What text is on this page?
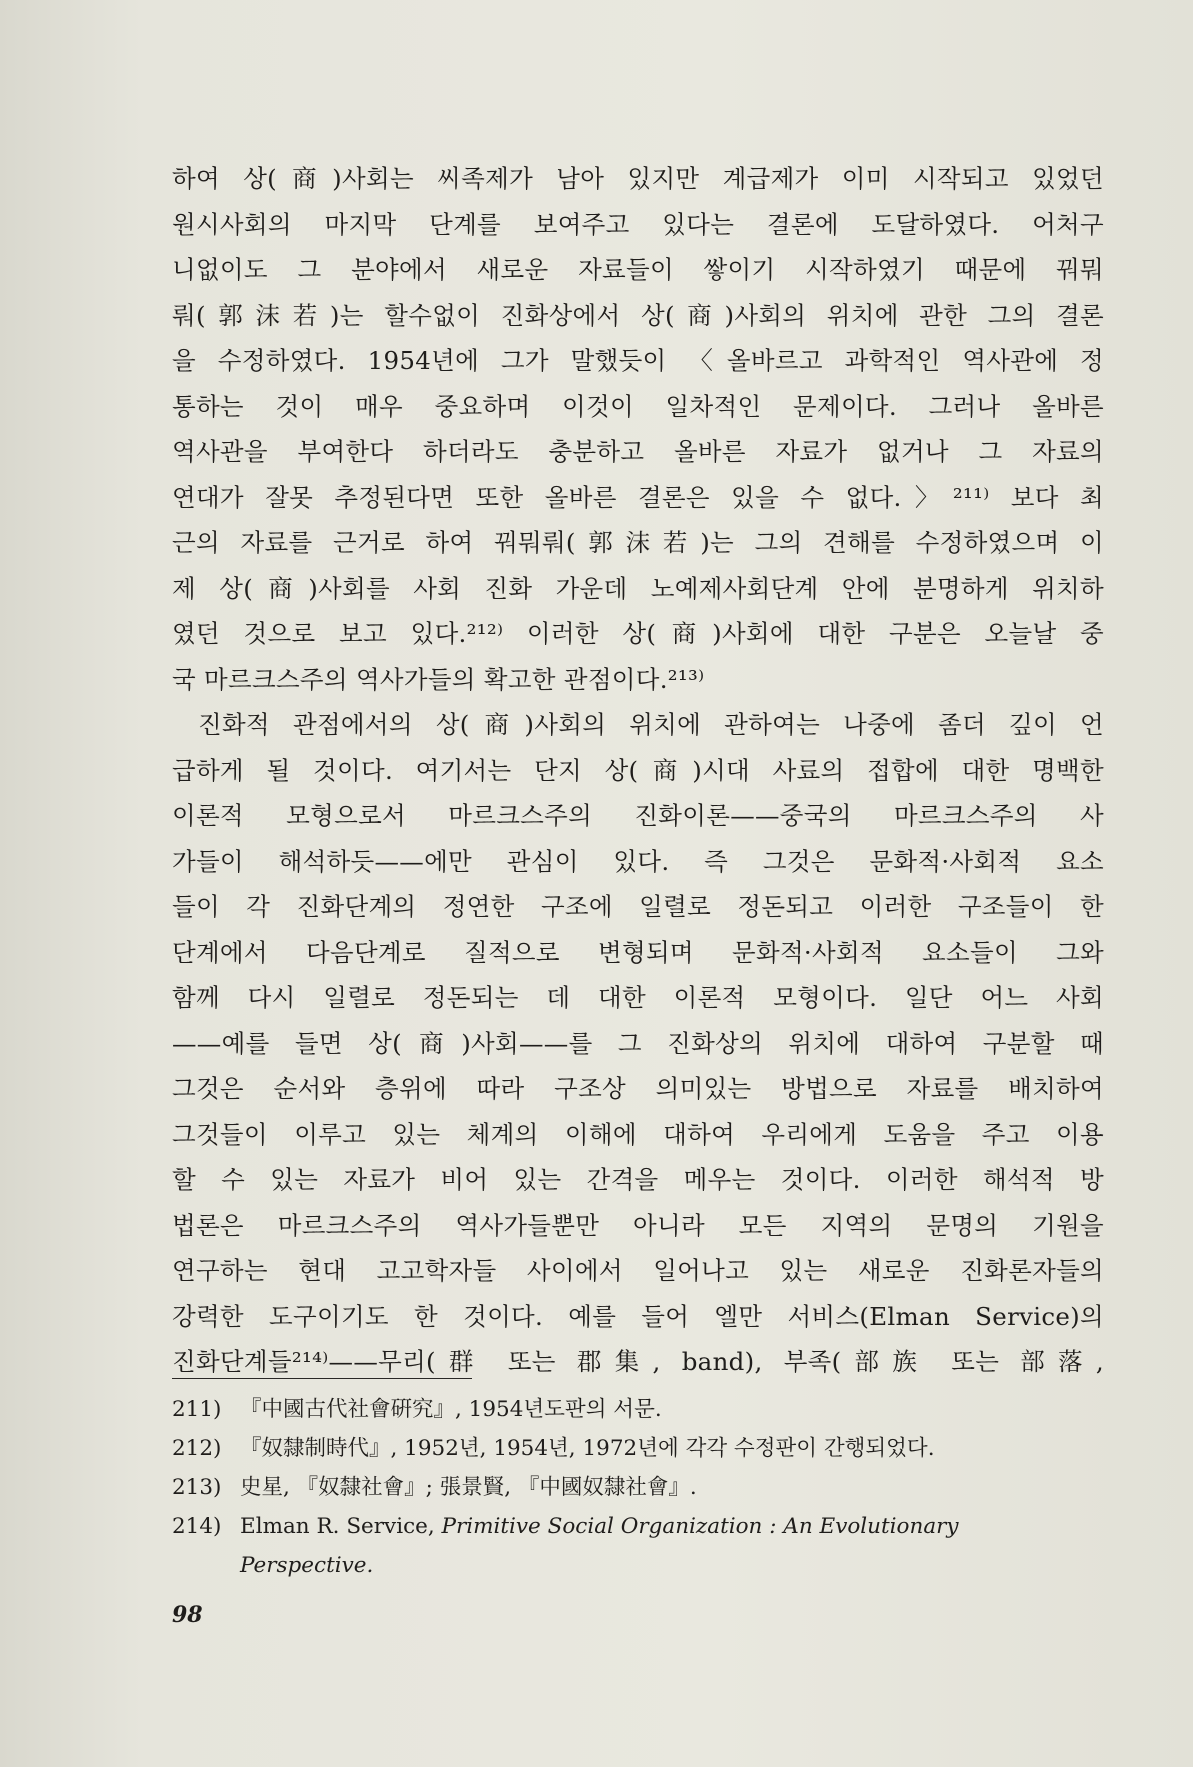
하여 상(商)사회는 씨족제가 남아 있지만 계급제가 이미 시작되고 있었던
원시사회의 마지막 단계를 보여주고 있다는 결론에 도달하였다. 어처구
니없이도 그 분야에서 새로운 자료들이 쌓이기 시작하였기 때문에 꿔뭐
뤄(郭沫若)는 할수없이 진화상에서 상(商)사회의 위치에 관한 그의 결론
을 수정하였다. 1954년에 그가 말했듯이 〈올바르고 과학적인 역사관에 정
통하는 것이 매우 중요하며 이것이 일차적인 문제이다. 그러나 올바른
역사관을 부여한다 하더라도 충분하고 올바른 자료가 없거나 그 자료의
연대가 잘못 추정된다면 또한 올바른 결론은 있을 수 없다.〉²¹¹⁾ 보다 최
근의 자료를 근거로 하여 꿔뭐뤄(郭沫若)는 그의 견해를 수정하였으며 이
제 상(商)사회를 사회 진화 가운데 노예제사회단계 안에 분명하게 위치하
였던 것으로 보고 있다.²¹²⁾ 이러한 상(商)사회에 대한 구분은 오늘날 중
국 마르크스주의 역사가들의 확고한 관점이다.²¹³⁾
진화적 관점에서의 상(商)사회의 위치에 관하여는 나중에 좀더 깊이 언
급하게 될 것이다. 여기서는 단지 상(商)시대 사료의 접합에 대한 명백한
이론적 모형으로서 마르크스주의 진화이론——중국의 마르크스주의 사
가들이 해석하듯——에만 관심이 있다. 즉 그것은 문화적·사회적 요소
들이 각 진화단계의 정연한 구조에 일렬로 정돈되고 이러한 구조들이 한
단계에서 다음단계로 질적으로 변형되며 문화적·사회적 요소들이 그와
함께 다시 일렬로 정돈되는 데 대한 이론적 모형이다. 일단 어느 사회
——예를 들면 상(商)사회——를 그 진화상의 위치에 대하여 구분할 때
그것은 순서와 층위에 따라 구조상 의미있는 방법으로 자료를 배치하여
그것들이 이루고 있는 체계의 이해에 대하여 우리에게 도움을 주고 이용
할 수 있는 자료가 비어 있는 간격을 메우는 것이다. 이러한 해석적 방
법론은 마르크스주의 역사가들뿐만 아니라 모든 지역의 문명의 기원을
연구하는 현대 고고학자들 사이에서 일어나고 있는 새로운 진화론자들의
강력한 도구이기도 한 것이다. 예를 들어 엘만 서비스(Elman Service)의
진화단계들²¹⁴⁾——무리(群 또는 郡集, band), 부족(部族 또는 部落,
211) 『中國古代社會硏究』, 1954년도판의 서문.
212) 『奴隸制時代』, 1952년, 1954년, 1972년에 각각 수정판이 간행되었다.
213) 史星, 『奴隸社會』; 張景賢, 『中國奴隸社會』.
214) Elman R. Service, Primitive Social Organization : An Evolutionary
Perspective.
98
